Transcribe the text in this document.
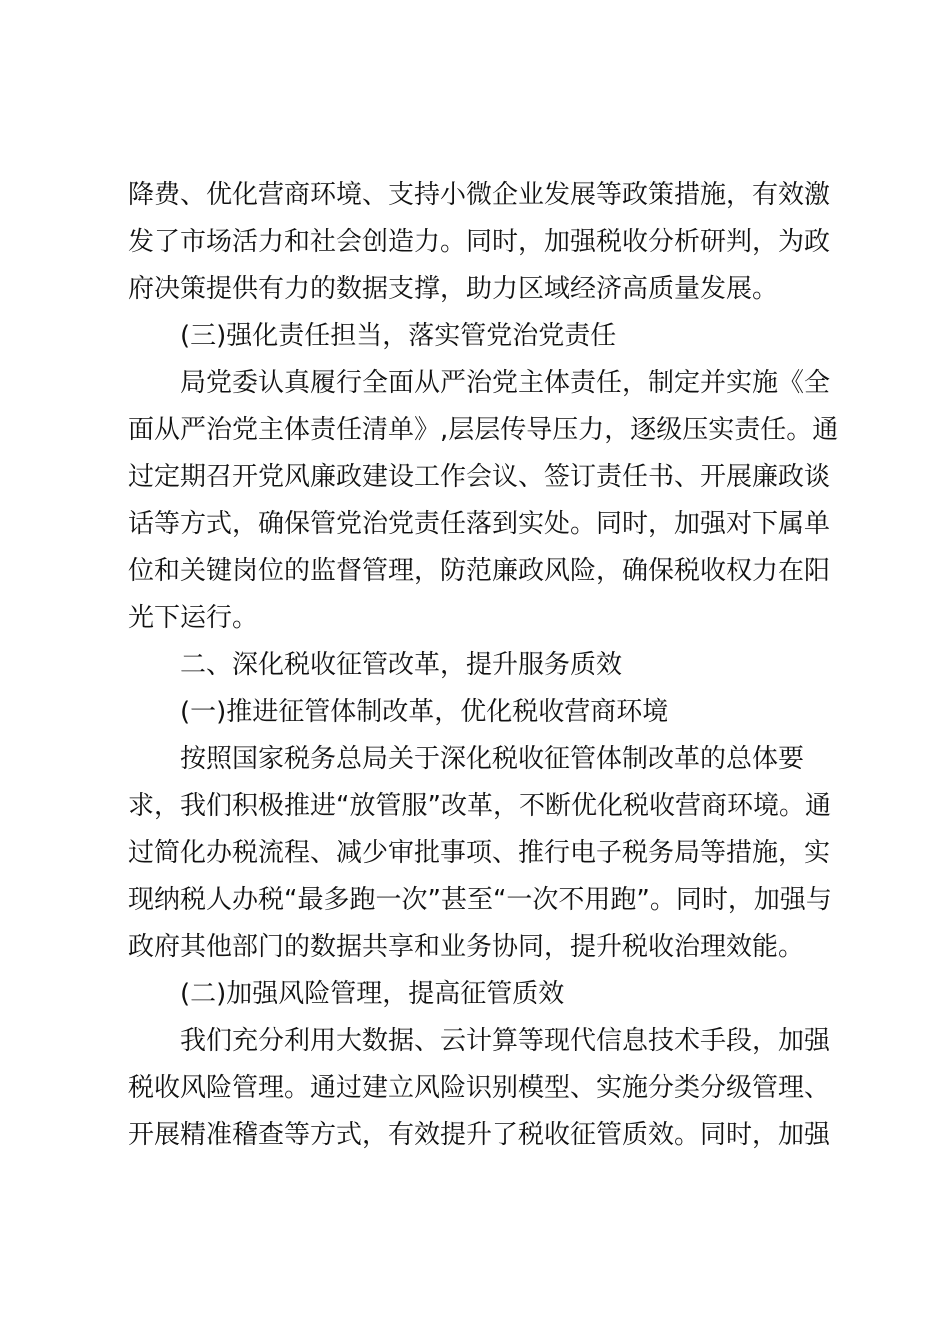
降费、优化营商环境、支持小微企业发展等政策措施，有效激
发了市场活力和社会创造力。同时，加强税收分析研判，为政
府决策提供有力的数据支撑，助力区域经济高质量发展。
(三)强化责任担当，落实管党治党责任
局党委认真履行全面从严治党主体责任，制定并实施《全
面从严治党主体责任清单》,层层传导压力，逐级压实责任。通
过定期召开党风廉政建设工作会议、签订责任书、开展廉政谈
话等方式，确保管党治党责任落到实处。同时，加强对下属单
位和关键岗位的监督管理，防范廉政风险，确保税收权力在阳
光下运行。
二、深化税收征管改革，提升服务质效
(一)推进征管体制改革，优化税收营商环境
按照国家税务总局关于深化税收征管体制改革的总体要
求，我们积极推进“放管服”改革，不断优化税收营商环境。通
过简化办税流程、减少审批事项、推行电子税务局等措施，实
现纳税人办税“最多跑一次”甚至“一次不用跑”。同时，加强与
政府其他部门的数据共享和业务协同，提升税收治理效能。
(二)加强风险管理，提高征管质效
我们充分利用大数据、云计算等现代信息技术手段，加强
税收风险管理。通过建立风险识别模型、实施分类分级管理、
开展精准稽查等方式，有效提升了税收征管质效。同时，加强
